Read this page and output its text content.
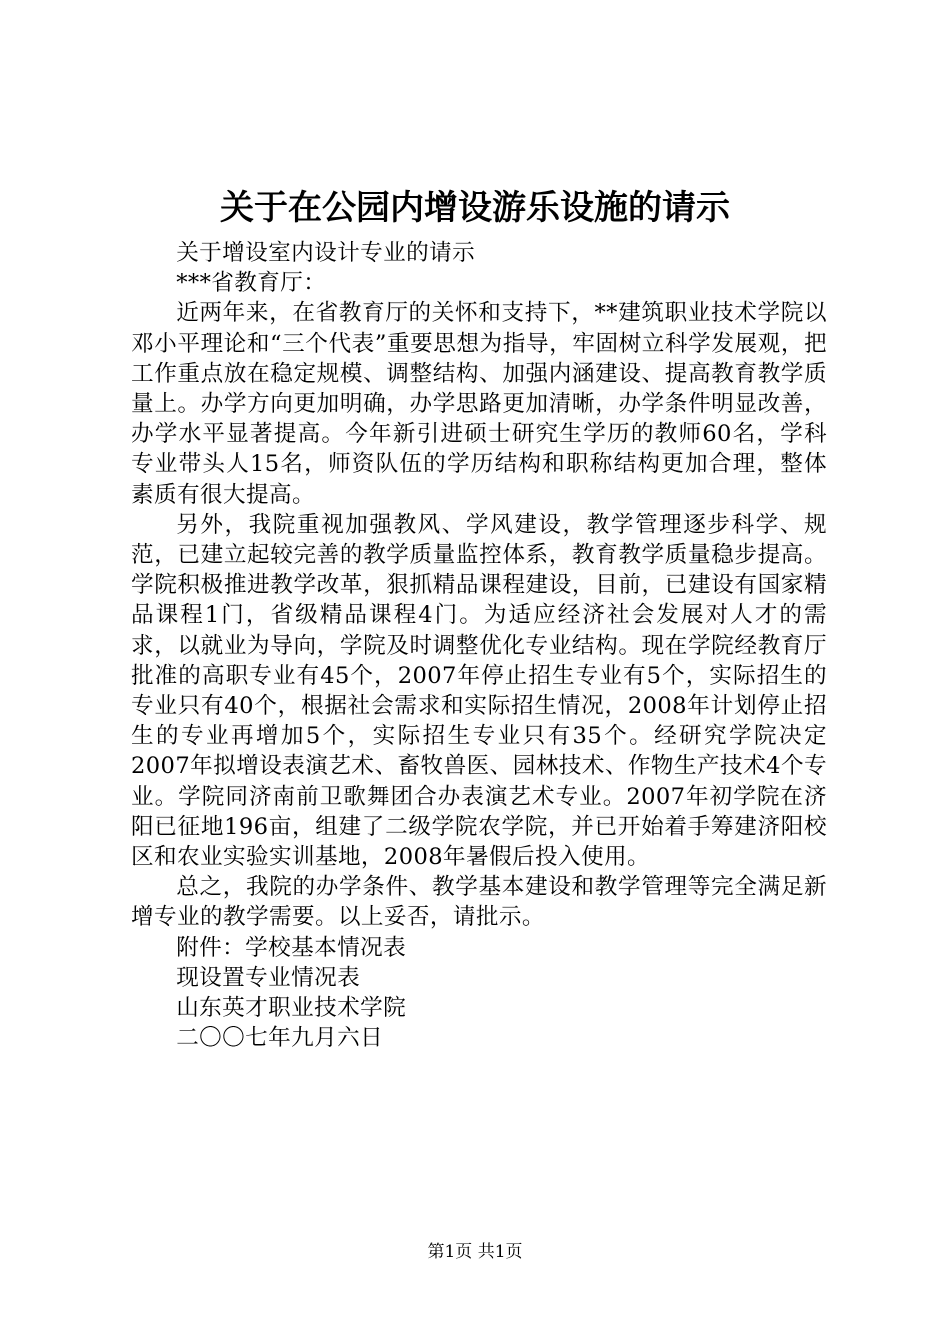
关于在公园内增设游乐设施的请示

关于增设室内设计专业的请示

***省教育厅：

近两年来，在省教育厅的关怀和支持下，**建筑职业技术学院以邓小平理论和“三个代表”重要思想为指导，牢固树立科学发展观，把工作重点放在稳定规模、调整结构、加强内涵建设、提高教育教学质量上。办学方向更加明确，办学思路更加清晰，办学条件明显改善，办学水平显著提高。今年新引进硕士研究生学历的教师60名，学科专业带头人15名，师资队伍的学历结构和职称结构更加合理，整体素质有很大提高。

另外，我院重视加强教风、学风建设，教学管理逐步科学、规范，已建立起较完善的教学质量监控体系，教育教学质量稳步提高。学院积极推进教学改革，狠抓精品课程建设，目前，已建设有国家精品课程1门，省级精品课程4门。为适应经济社会发展对人才的需求，以就业为导向，学院及时调整优化专业结构。现在学院经教育厅批准的高职专业有45个，2007年停止招生专业有5个，实际招生的专业只有40个，根据社会需求和实际招生情况，2008年计划停止招生的专业再增加5个，实际招生专业只有35个。经研究学院决定2007年拟增设表演艺术、畜牧兽医、园林技术、作物生产技术4个专业。学院同济南前卫歌舞团合办表演艺术专业。2007年初学院在济阳已征地196亩，组建了二级学院农学院，并已开始着手筹建济阳校区和农业实验实训基地，2008年暑假后投入使用。

总之，我院的办学条件、教学基本建设和教学管理等完全满足新增专业的教学需要。以上妥否，请批示。

附件：学校基本情况表

现设置专业情况表

山东英才职业技术学院

二〇〇七年九月六日

第1页 共1页
